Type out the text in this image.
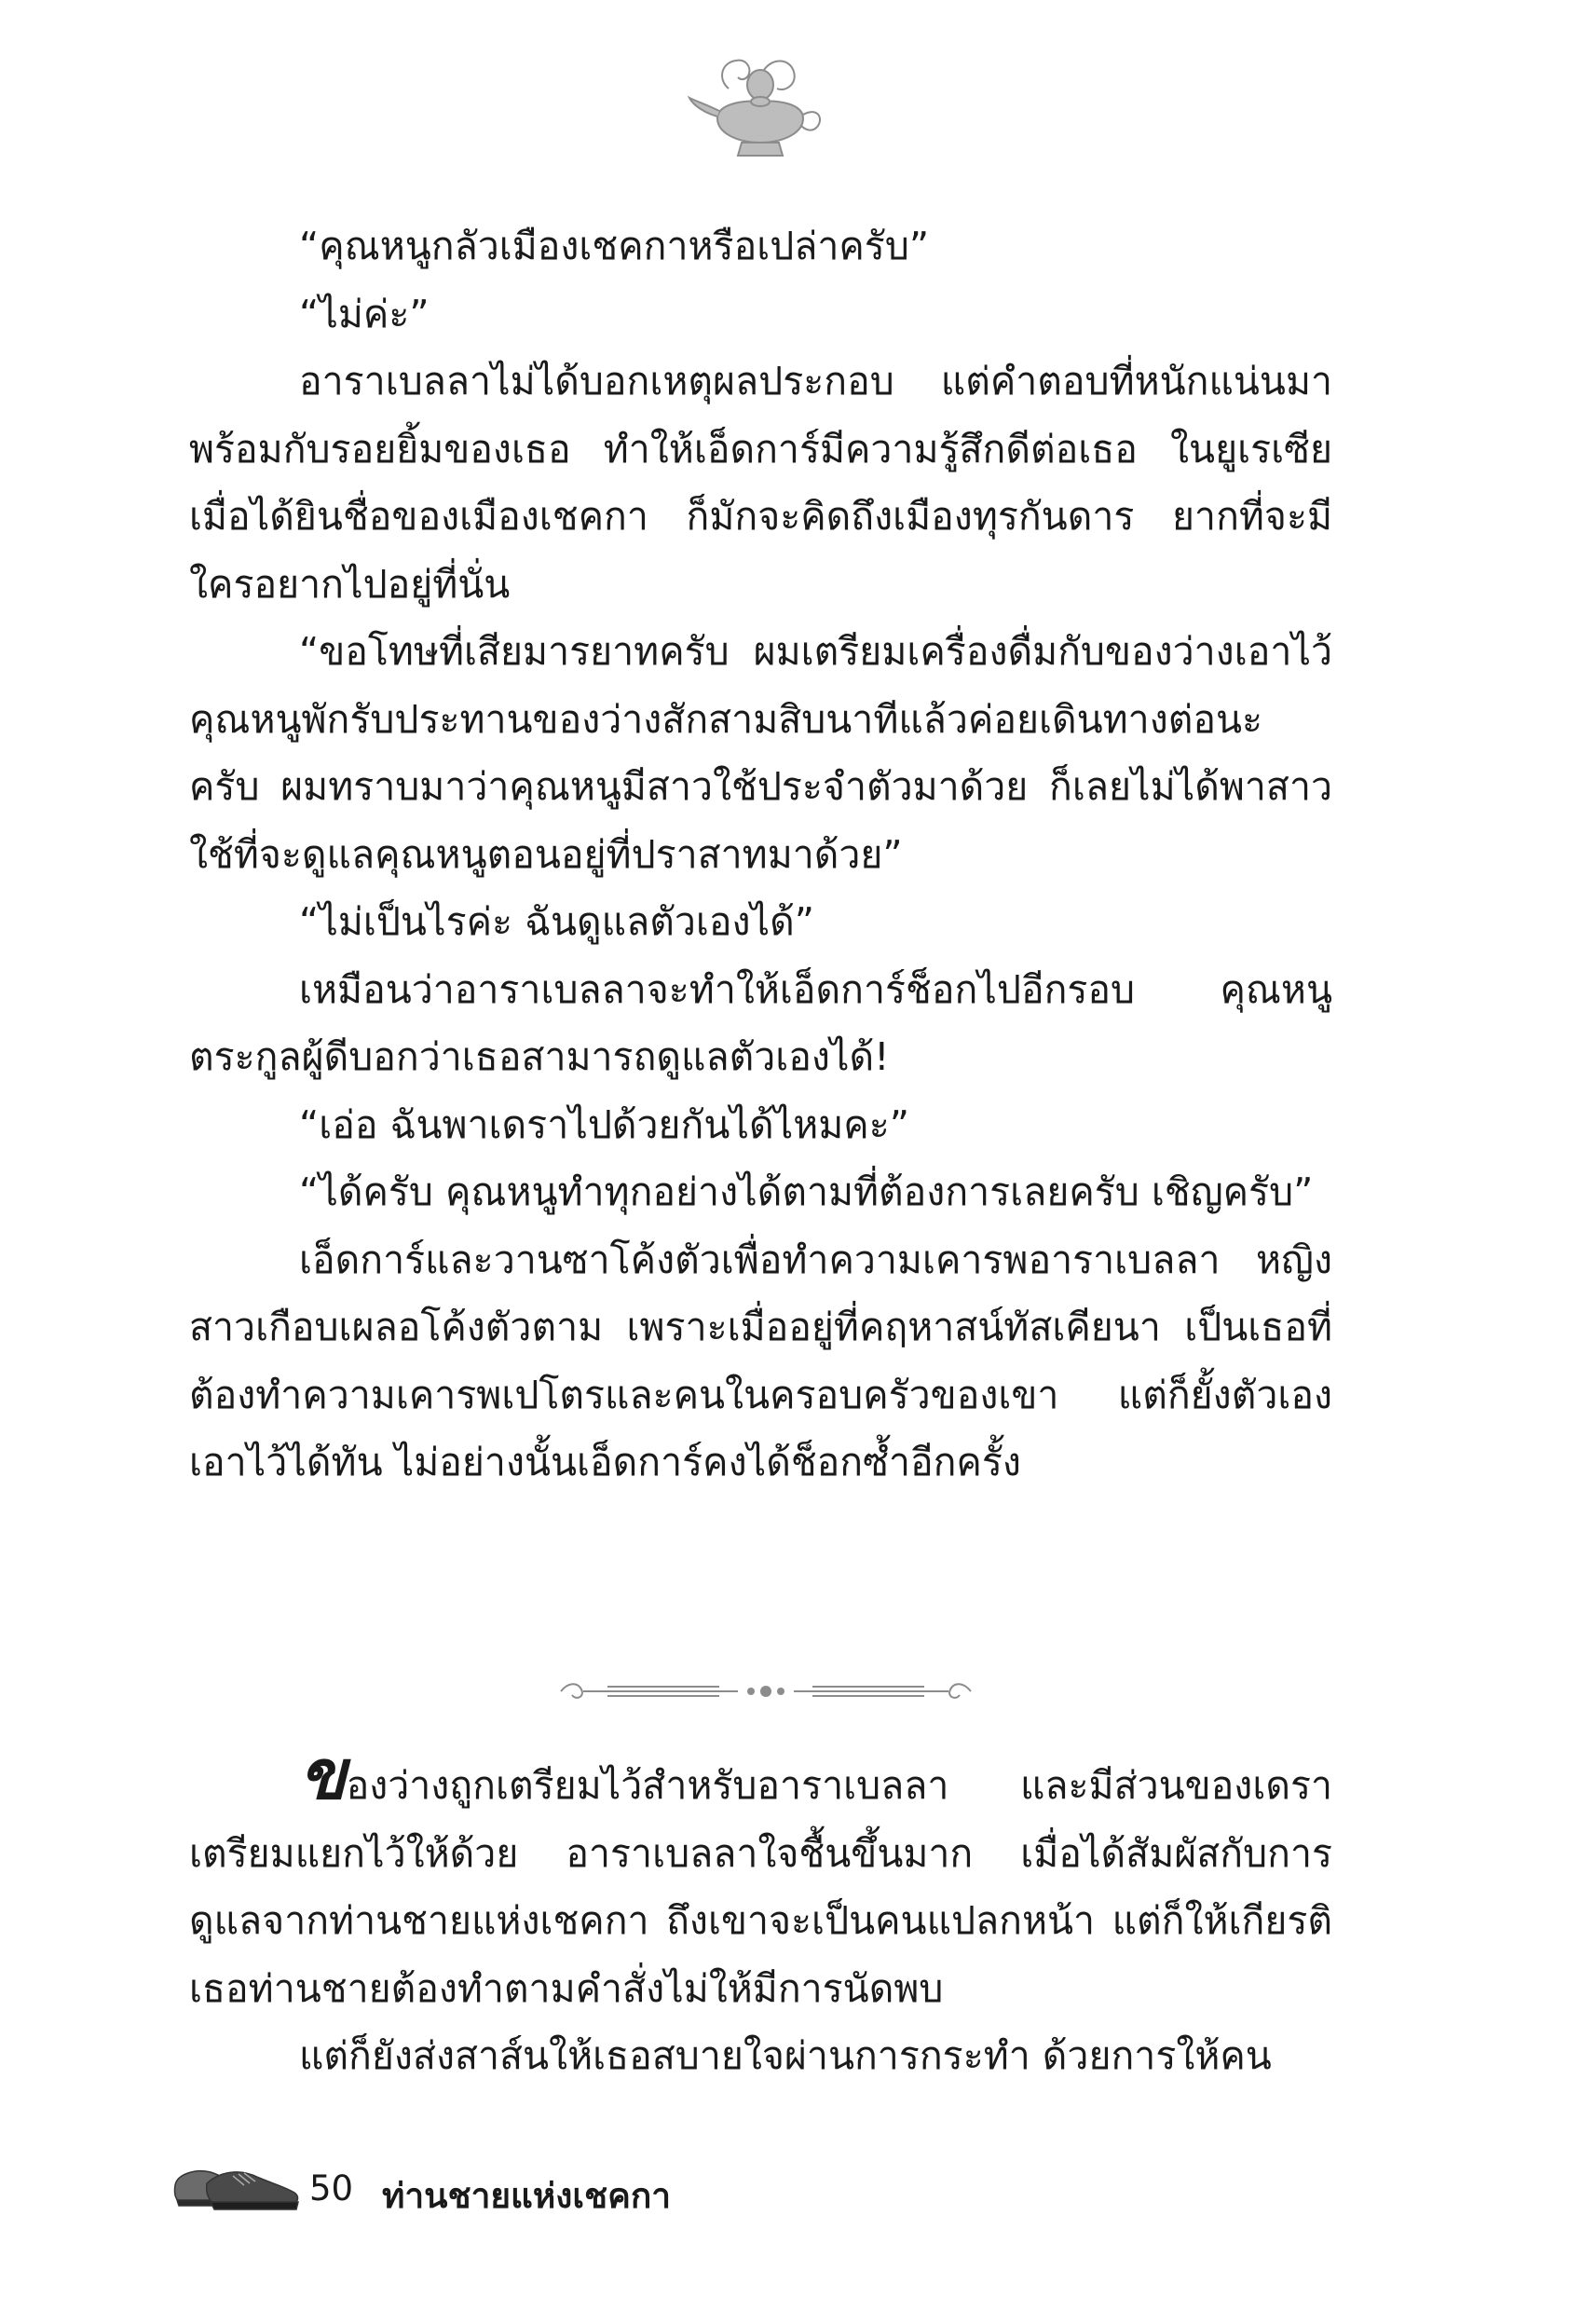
“คุณหนูกลัวเมืองเชคกาหรือเปล่าครับ”

“ไม่ค่ะ”

อาราเบลลาไม่ได้บอกเหตุผลประกอบ แต่คำตอบที่หนักแน่นมาพร้อมกับรอยยิ้มของเธอ ทำให้เอ็ดการ์มีความรู้สึกดีต่อเธอ ในยูเรเซียเมื่อได้ยินชื่อของเมืองเชคกา ก็มักจะคิดถึงเมืองทุรกันดาร ยากที่จะมีใครอยากไปอยู่ที่นั่น

“ขอโทษที่เสียมารยาทครับ ผมเตรียมเครื่องดื่มกับของว่างเอาไว้คุณหนูพักรับประทานของว่างสักสามสิบนาทีแล้วค่อยเดินทางต่อนะครับ ผมทราบมาว่าคุณหนูมีสาวใช้ประจำตัวมาด้วย ก็เลยไม่ได้พาสาวใช้ที่จะดูแลคุณหนูตอนอยู่ที่ปราสาทมาด้วย”

“ไม่เป็นไรค่ะ ฉันดูแลตัวเองได้”

เหมือนว่าอาราเบลลาจะทำให้เอ็ดการ์ช็อกไปอีกรอบ คุณหนูตระกูลผู้ดีบอกว่าเธอสามารถดูแลตัวเองได้!

“เอ่อ ฉันพาเดราไปด้วยกันได้ไหมคะ”

“ได้ครับ คุณหนูทำทุกอย่างได้ตามที่ต้องการเลยครับ เชิญครับ”

เอ็ดการ์และวานซาโค้งตัวเพื่อทำความเคารพอาราเบลลา หญิงสาวเกือบเผลอโค้งตัวตาม เพราะเมื่ออยู่ที่คฤหาสน์ทัสเคียนา เป็นเธอที่ต้องทำความเคารพเปโตรและคนในครอบครัวของเขา แต่ก็ยั้งตัวเองเอาไว้ได้ทัน ไม่อย่างนั้นเอ็ดการ์คงได้ช็อกซ้ำอีกครั้ง

ของว่างถูกเตรียมไว้สำหรับอาราเบลลา และมีส่วนของเดราเตรียมแยกไว้ให้ด้วย อาราเบลลาใจชื้นขึ้นมาก เมื่อได้สัมผัสกับการดูแลจากท่านชายแห่งเชคกา ถึงเขาจะเป็นคนแปลกหน้า แต่ก็ให้เกียรติเธอท่านชายต้องทำตามคำสั่งไม่ให้มีการนัดพบ

แต่ก็ยังส่งสาส์นให้เธอสบายใจผ่านการกระทำ ด้วยการให้คน

50 ท่านชายแห่งเชคกา
